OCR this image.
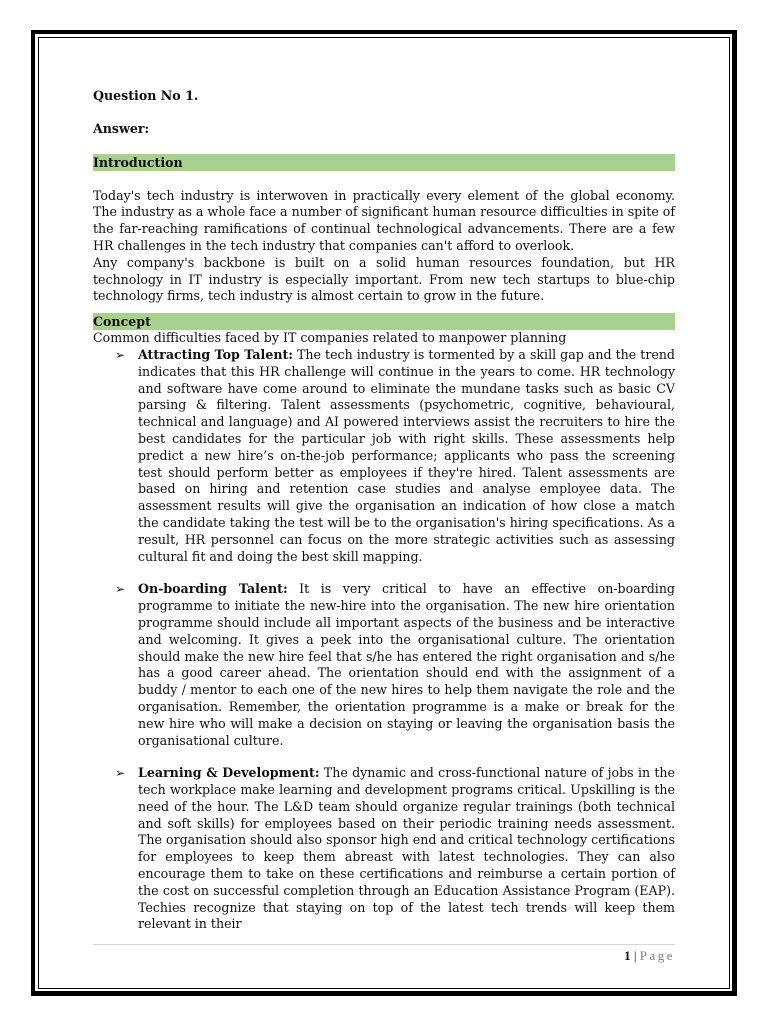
Question No 1.

Answer:

Introduction

Today's tech industry is interwoven in practically every element of the global economy. The industry as a whole face a number of significant human resource difficulties in spite of the far-reaching ramifications of continual technological advancements. There are a few HR challenges in the tech industry that companies can't afford to overlook.

Any company's backbone is built on a solid human resources foundation, but HR technology in IT industry is especially important. From new tech startups to blue-chip technology firms, tech industry is almost certain to grow in the future.

Concept

Common difficulties faced by IT companies related to manpower planning

➢ Attracting Top Talent: The tech industry is tormented by a skill gap and the trend indicates that this HR challenge will continue in the years to come. HR technology and software have come around to eliminate the mundane tasks such as basic CV parsing & filtering. Talent assessments (psychometric, cognitive, behavioural, technical and language) and AI powered interviews assist the recruiters to hire the best candidates for the particular job with right skills. These assessments help predict a new hire’s on-the-job performance; applicants who pass the screening test should perform better as employees if they're hired. Talent assessments are based on hiring and retention case studies and analyse employee data. The assessment results will give the organisation an indication of how close a match the candidate taking the test will be to the organisation's hiring specifications. As a result, HR personnel can focus on the more strategic activities such as assessing cultural fit and doing the best skill mapping.
➢ On-boarding Talent: It is very critical to have an effective on-boarding programme to initiate the new-hire into the organisation. The new hire orientation programme should include all important aspects of the business and be interactive and welcoming. It gives a peek into the organisational culture. The orientation should make the new hire feel that s/he has entered the right organisation and s/he has a good career ahead. The orientation should end with the assignment of a buddy / mentor to each one of the new hires to help them navigate the role and the organisation. Remember, the orientation programme is a make or break for the new hire who will make a decision on staying or leaving the organisation basis the organisational culture.
➢ Learning & Development: The dynamic and cross-functional nature of jobs in the tech workplace make learning and development programs critical. Upskilling is the need of the hour. The L&D team should organize regular trainings (both technical and soft skills) for employees based on their periodic training needs assessment. The organisation should also sponsor high end and critical technology certifications for employees to keep them abreast with latest technologies. They can also encourage them to take on these certifications and reimburse a certain portion of the cost on successful completion through an Education Assistance Program (EAP). Techies recognize that staying on top of the latest tech trends will keep them relevant in their
1 | Page
